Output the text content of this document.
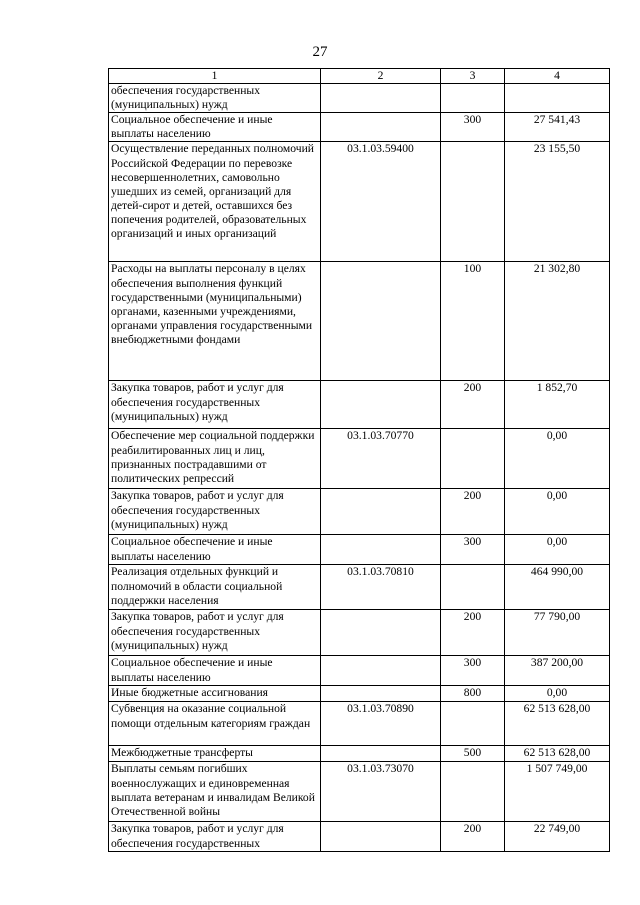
27
1	2	3	4
обеспечения государственных (муниципальных) нужд			
Социальное обеспечение и иные выплаты населению		300	27 541,43
Осуществление переданных полномочий Российской Федерации по перевозке несовершеннолетних, самовольно ушедших из семей, организаций для детей-сирот и детей, оставшихся без попечения родителей, образовательных организаций и иных организаций	03.1.03.59400		23 155,50
Расходы на выплаты персоналу в целях обеспечения выполнения функций государственными (муниципальными) органами, казенными учреждениями, органами управления государственными внебюджетными фондами		100	21 302,80
Закупка товаров, работ и услуг для обеспечения государственных (муниципальных) нужд		200	1 852,70
Обеспечение мер социальной поддержки реабилитированных лиц и лиц, признанных пострадавшими от политических репрессий	03.1.03.70770		0,00
Закупка товаров, работ и услуг для обеспечения государственных (муниципальных) нужд		200	0,00
Социальное обеспечение и иные выплаты населению		300	0,00
Реализация отдельных функций и полномочий в области социальной поддержки населения	03.1.03.70810		464 990,00
Закупка товаров, работ и услуг для обеспечения государственных (муниципальных) нужд		200	77 790,00
Социальное обеспечение и иные выплаты населению		300	387 200,00
Иные бюджетные ассигнования		800	0,00
Субвенция на оказание социальной помощи отдельным категориям граждан	03.1.03.70890		62 513 628,00
Межбюджетные трансферты		500	62 513 628,00
Выплаты семьям погибших военнослужащих и единовременная выплата ветеранам и инвалидам Великой Отечественной войны	03.1.03.73070		1 507 749,00
Закупка товаров, работ и услуг для обеспечения государственных		200	22 749,00
